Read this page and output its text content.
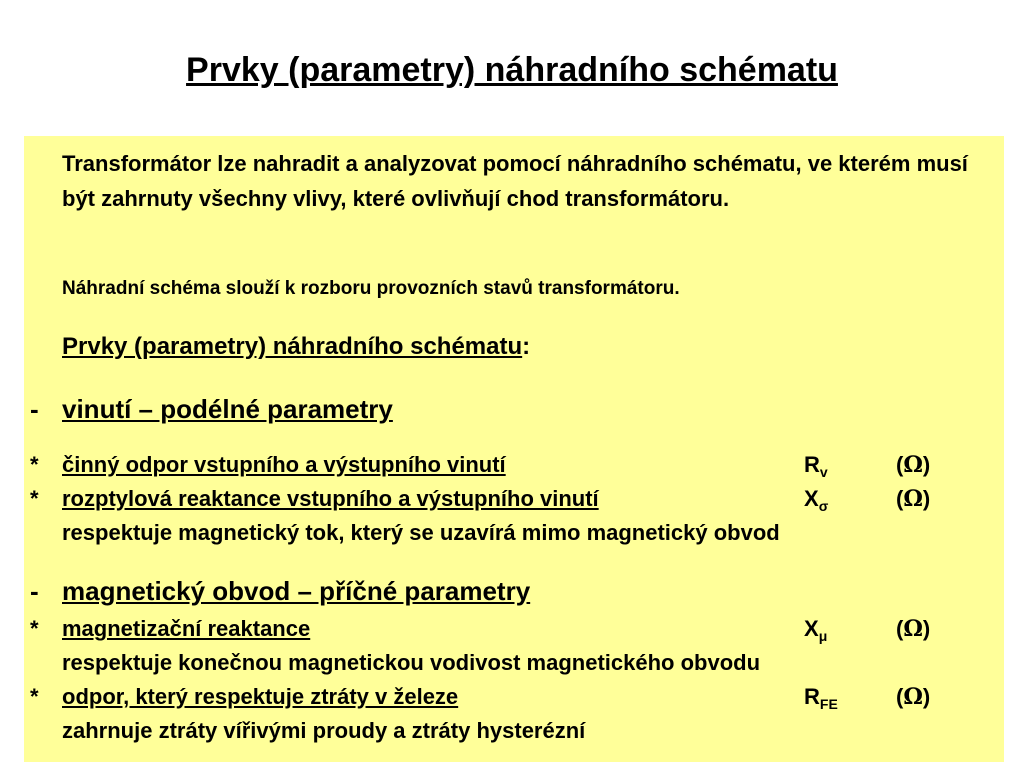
Prvky (parametry) náhradního schématu
Transformátor lze nahradit a analyzovat pomocí náhradního schématu, ve kterém musí být zahrnuty všechny vlivy, které ovlivňují chod transformátoru.
Náhradní schéma slouží k rozboru provozních stavů transformátoru.
Prvky (parametry) náhradního schématu:
- vinutí – podélné parametry
* činný odpor vstupního a výstupního vinutí	$R_v$	(Ω)
* rozptylová reaktance vstupního a výstupního vinutí	$X_\sigma$	(Ω)
respektuje magnetický tok, který se uzavírá mimo magnetický obvod
- magnetický obvod – příčné parametry
* magnetizační reaktance	$X_\mu$	(Ω)
respektuje konečnou magnetickou vodivost magnetického obvodu
* odpor, který respektuje ztráty v železe	$R_{FE}$	(Ω)
zahrnuje ztráty vířivými proudy a ztráty hysterézní
